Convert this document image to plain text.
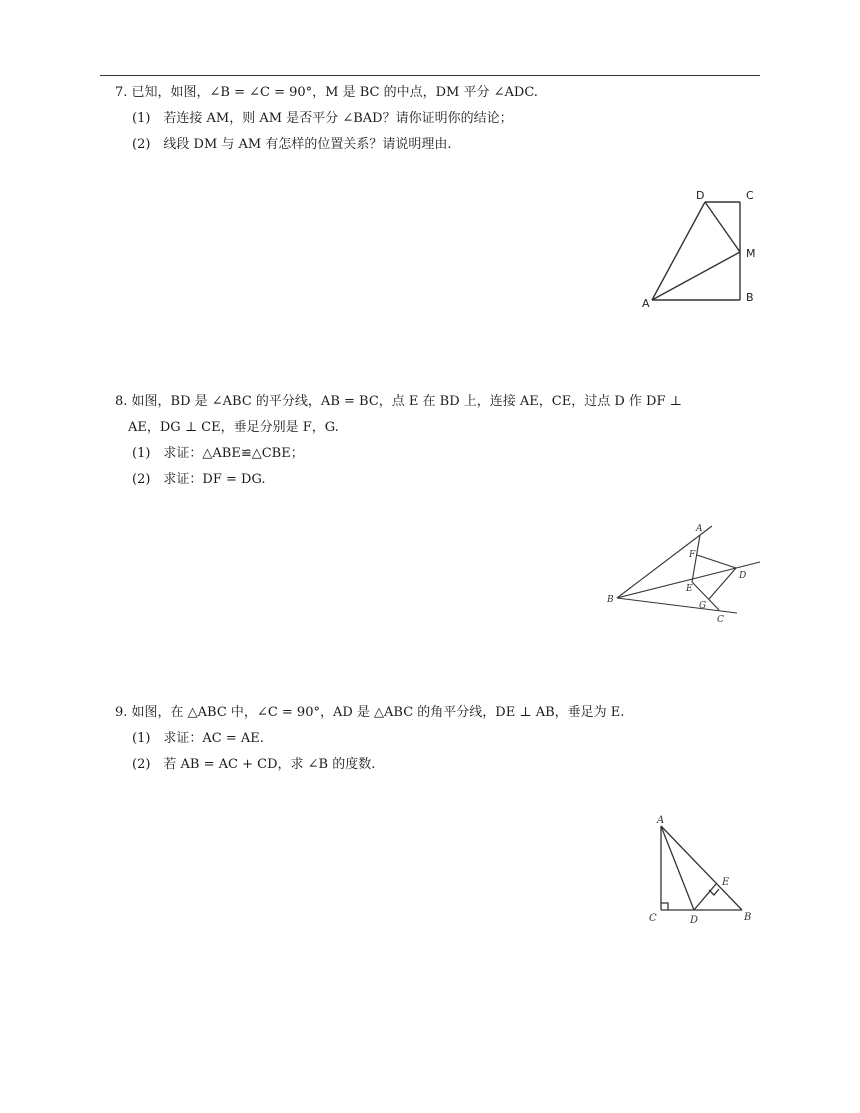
7. 已知，如图，∠B = ∠C = 90°，M 是 BC 的中点，DM 平分 ∠ADC.
(1)　若连接 AM，则 AM 是否平分 ∠BAD？请你证明你的结论；
(2)　线段 DM 与 AM 有怎样的位置关系？请说明理由.
D	C
M
A	B
8. 如图，BD 是 ∠ABC 的平分线，AB = BC，点 E 在 BD 上，连接 AE，CE，过点 D 作 DF ⊥
AE，DG ⊥ CE，垂足分别是 F，G.
(1)　求证：△ABE≌△CBE；
(2)　求证：DF = DG.
A
F
D
E
B
G
C
9. 如图，在 △ABC 中，∠C = 90°，AD 是 △ABC 的角平分线，DE ⊥ AB，垂足为 E.
(1)　求证：AC = AE.
(2)　若 AB = AC + CD，求 ∠B 的度数.
A
E
C	D	B
